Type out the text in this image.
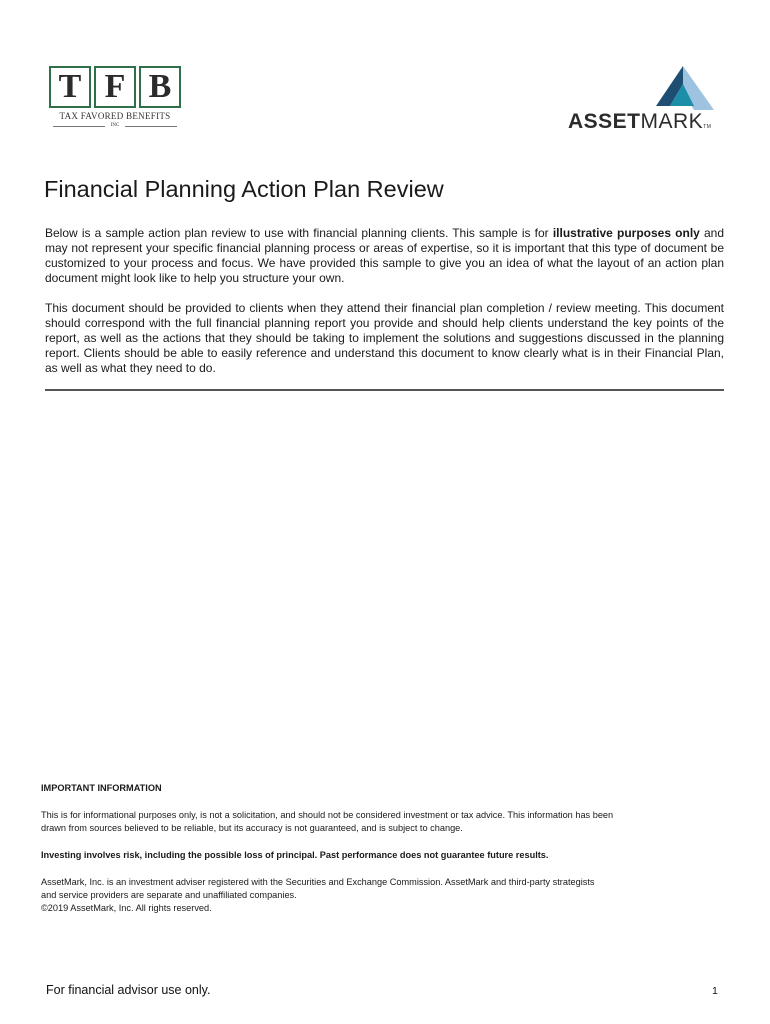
T F B
TAX FAVORED BENEFITS
INC	ASSETMARKTM
Financial Planning Action Plan Review

Below is a sample action plan review to use with financial planning clients. This sample is for illustrative purposes only and may not represent your specific financial planning process or areas of expertise, so it is important that this type of document be customized to your process and focus. We have provided this sample to give you an idea of what the layout of an action plan document might look like to help you structure your own.

This document should be provided to clients when they attend their financial plan completion / review meeting. This document should correspond with the full financial planning report you provide and should help clients understand the key points of the report, as well as the actions that they should be taking to implement the solutions and suggestions discussed in the planning report. Clients should be able to easily reference and understand this document to know clearly what is in their Financial Plan, as well as what they need to do.

IMPORTANT INFORMATION

This is for informational purposes only, is not a solicitation, and should not be considered investment or tax advice. This information has been
drawn from sources believed to be reliable, but its accuracy is not guaranteed, and is subject to change.

Investing involves risk, including the possible loss of principal. Past performance does not guarantee future results.

AssetMark, Inc. is an investment adviser registered with the Securities and Exchange Commission. AssetMark and third-party strategists
and service providers are separate and unaffiliated companies.
©2019 AssetMark, Inc. All rights reserved.

For financial advisor use only.	1
